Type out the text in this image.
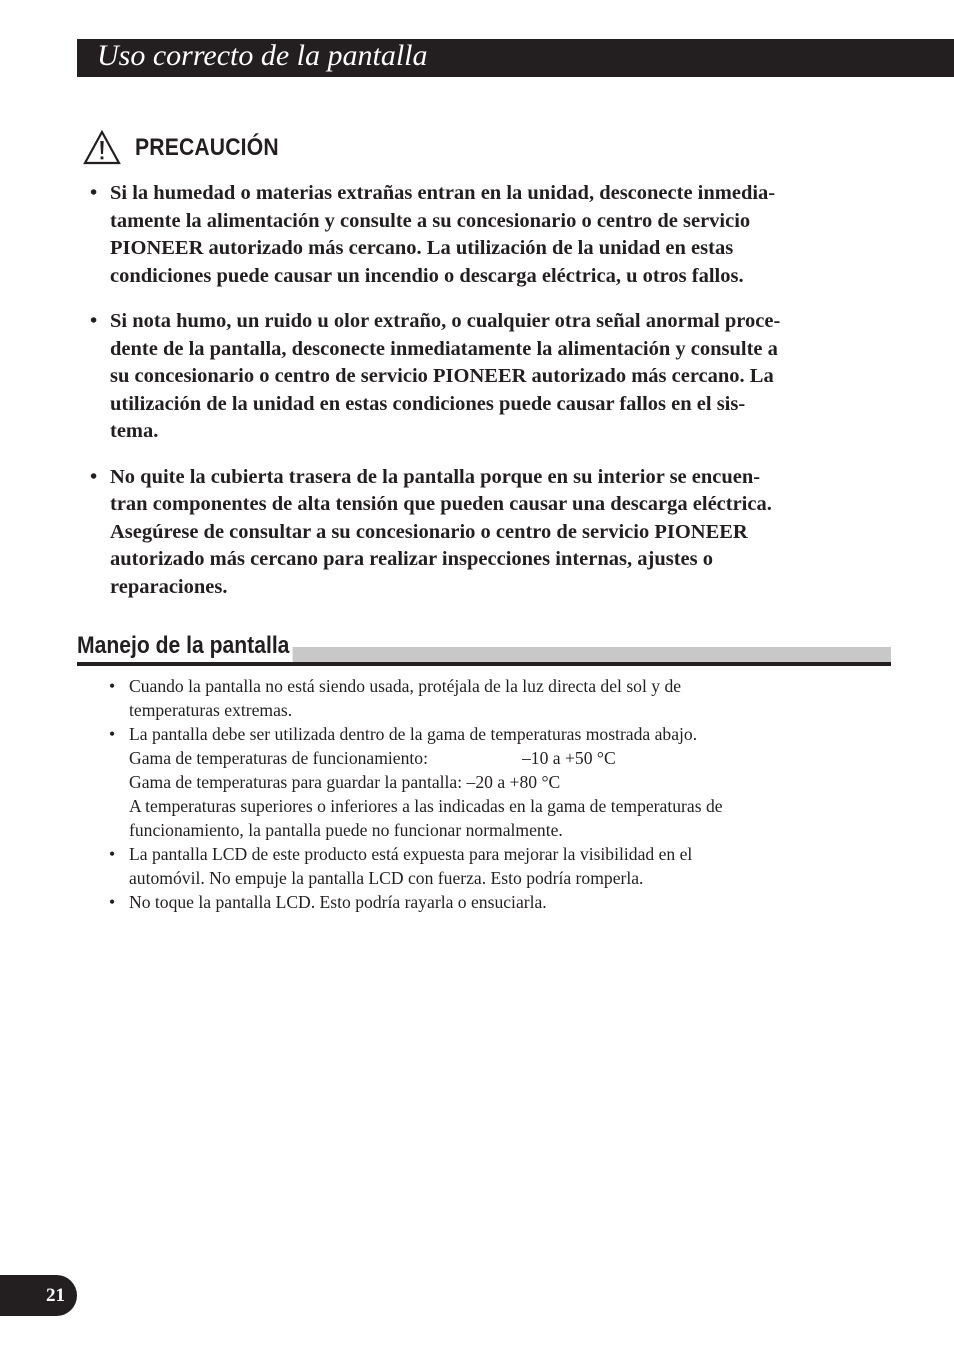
Uso correcto de la pantalla
PRECAUCIÓN
• Si la humedad o materias extrañas entran en la unidad, desconecte inmedia-
tamente la alimentación y consulte a su concesionario o centro de servicio
PIONEER autorizado más cercano. La utilización de la unidad en estas
condiciones puede causar un incendio o descarga eléctrica, u otros fallos.
• Si nota humo, un ruido u olor extraño, o cualquier otra señal anormal proce-
dente de la pantalla, desconecte inmediatamente la alimentación y consulte a
su concesionario o centro de servicio PIONEER autorizado más cercano. La
utilización de la unidad en estas condiciones puede causar fallos en el sis-
tema.
• No quite la cubierta trasera de la pantalla porque en su interior se encuen-
tran componentes de alta tensión que pueden causar una descarga eléctrica.
Asegúrese de consultar a su concesionario o centro de servicio PIONEER
autorizado más cercano para realizar inspecciones internas, ajustes o
reparaciones.
Manejo de la pantalla
• Cuando la pantalla no está siendo usada, protéjala de la luz directa del sol y de
temperaturas extremas.
• La pantalla debe ser utilizada dentro de la gama de temperaturas mostrada abajo.
Gama de temperaturas de funcionamiento:	–10 a +50 °C
Gama de temperaturas para guardar la pantalla: –20 a +80 °C
A temperaturas superiores o inferiores a las indicadas en la gama de temperaturas de
funcionamiento, la pantalla puede no funcionar normalmente.
• La pantalla LCD de este producto está expuesta para mejorar la visibilidad en el
automóvil. No empuje la pantalla LCD con fuerza. Esto podría romperla.
• No toque la pantalla LCD. Esto podría rayarla o ensuciarla.
21
